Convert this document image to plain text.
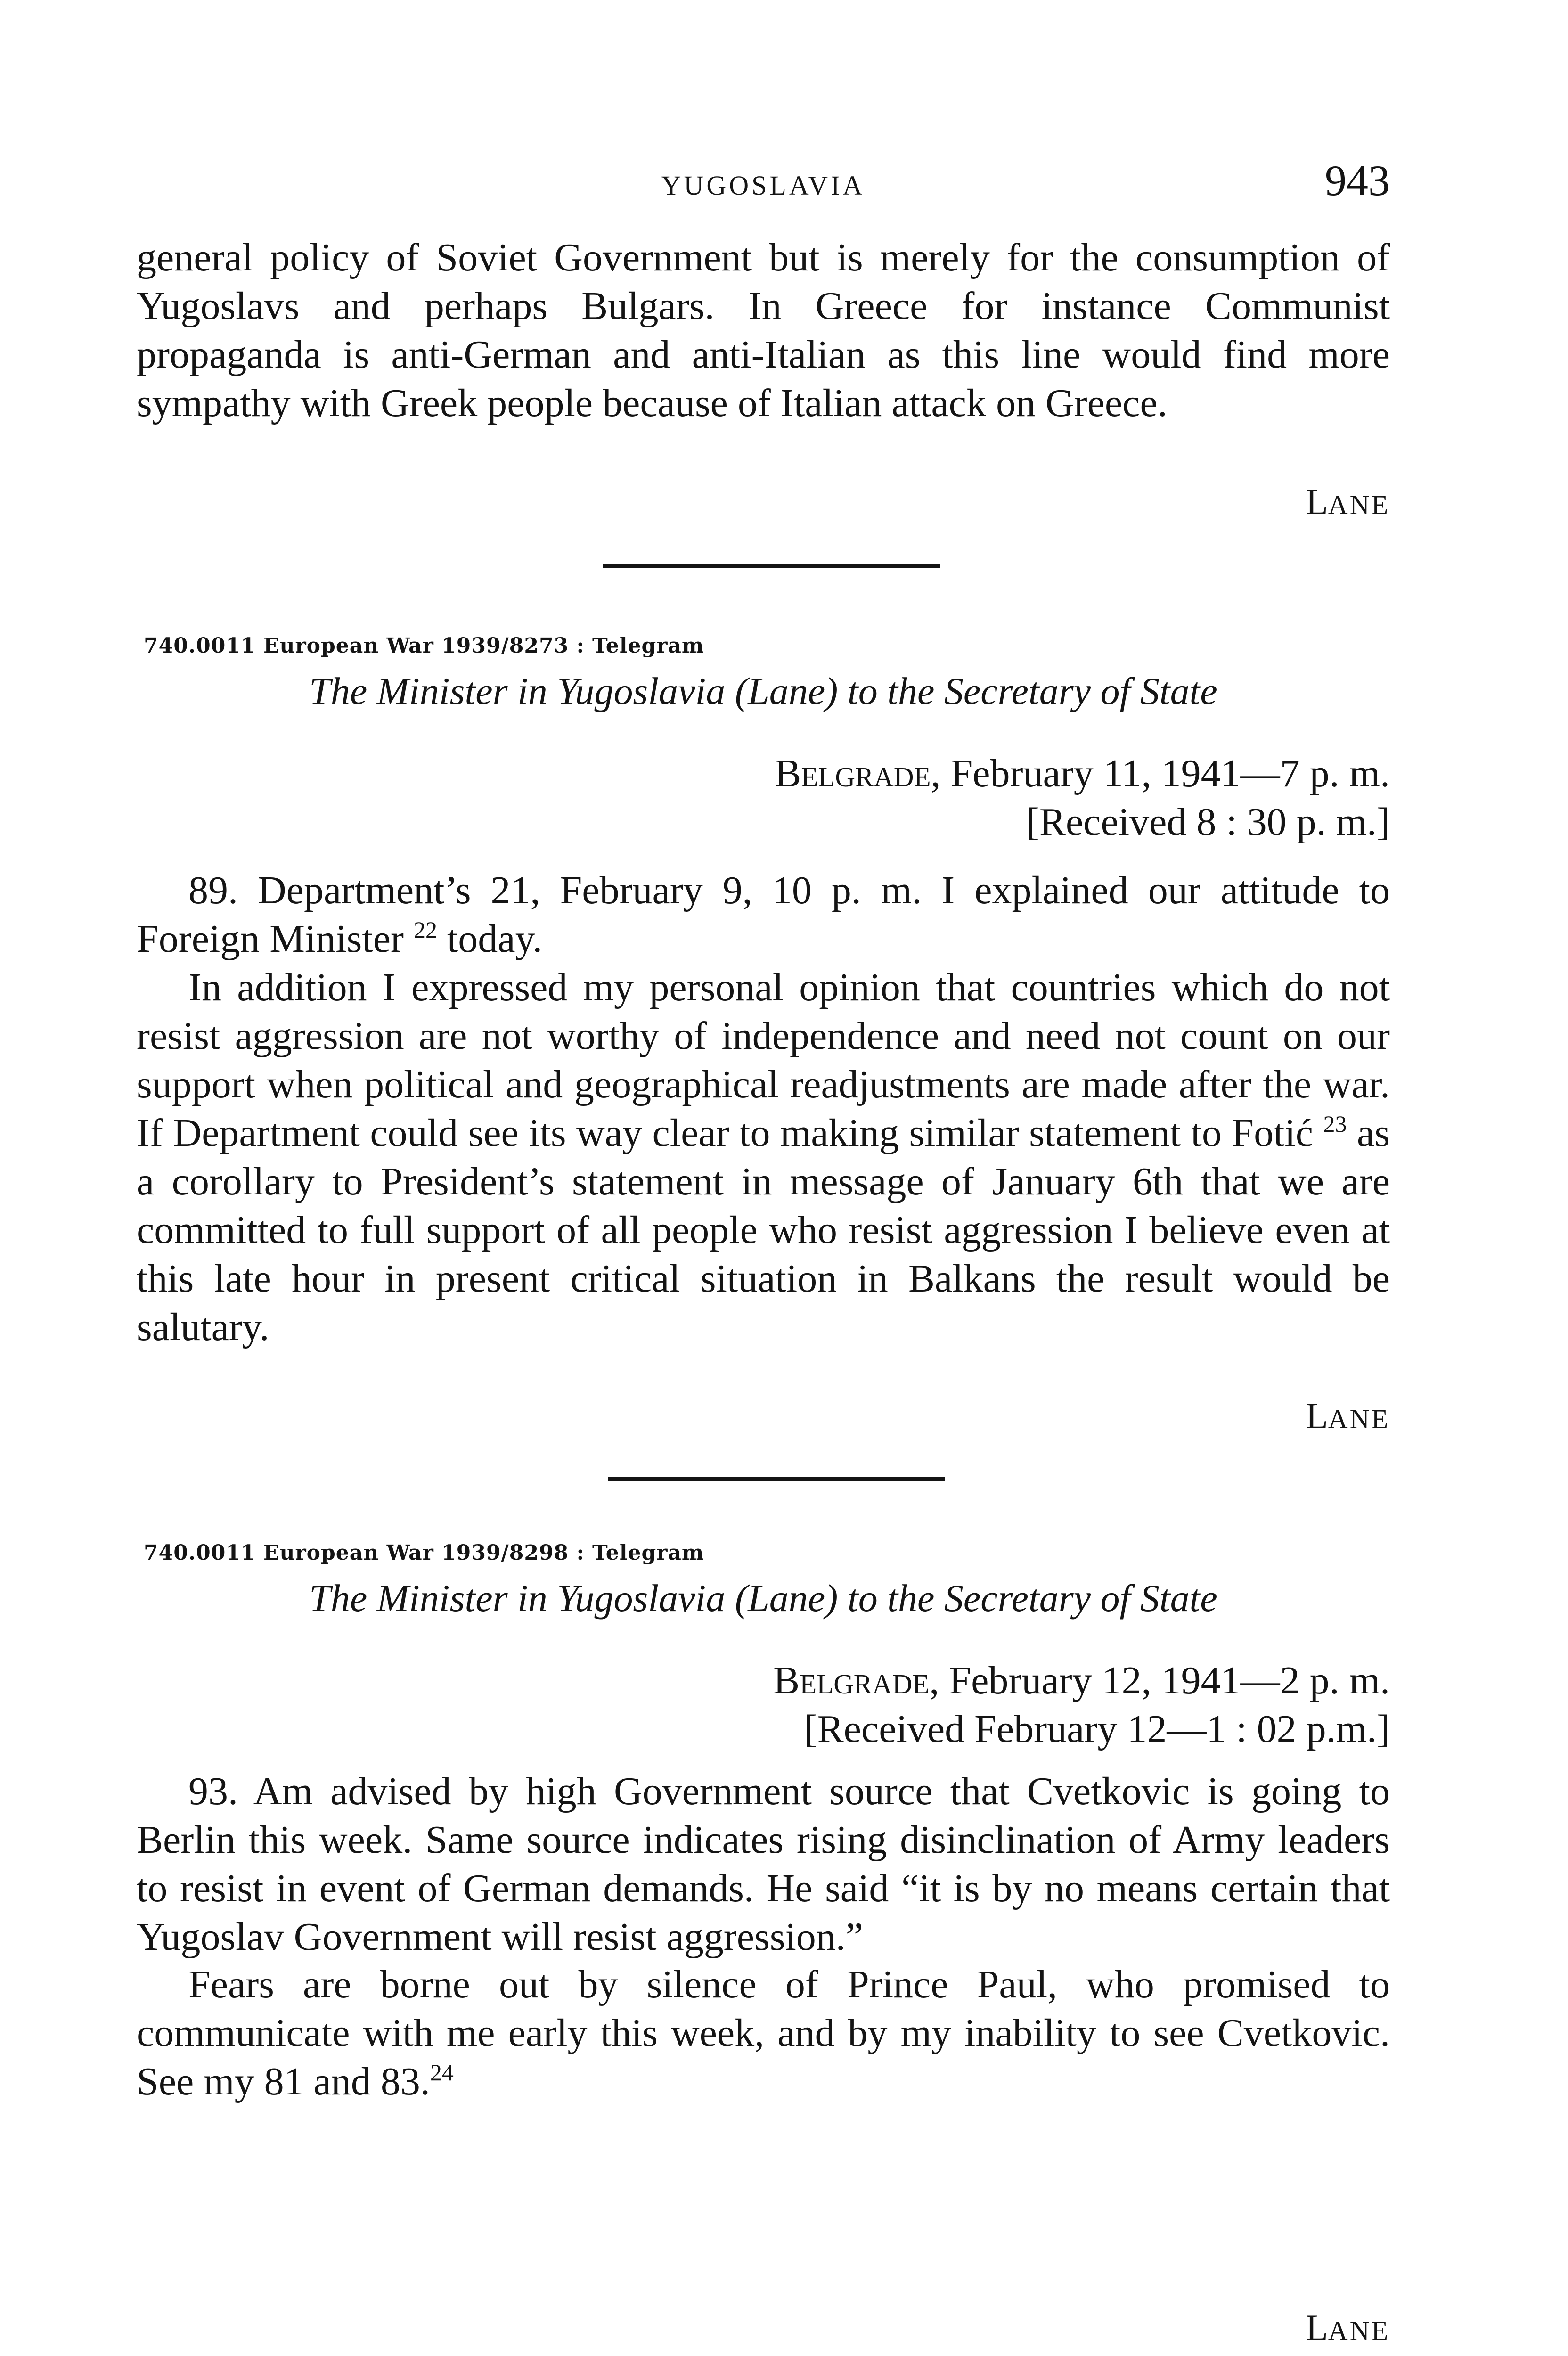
YUGOSLAVIA	943

general policy of Soviet Government but is merely for the consumption of Yugoslavs and perhaps Bulgars. In Greece for instance Communist propaganda is anti-German and anti-Italian as this line would find more sympathy with Greek people because of Italian attack on Greece.

LANE
740.0011 European War 1939/8273 : Telegram
The Minister in Yugoslavia (Lane) to the Secretary of State
Belgrade, February 11, 1941—7 p. m.
[Received 8 : 30 p. m.]

89. Department’s 21, February 9, 10 p. m. I explained our attitude to Foreign Minister $^{22}$ today.

In addition I expressed my personal opinion that countries which do not resist aggression are not worthy of independence and need not count on our support when political and geographical readjustments are made after the war. If Department could see its way clear to making similar statement to Fotić $^{23}$ as a corollary to President’s statement in message of January 6th that we are committed to full support of all people who resist aggression I believe even at this late hour in present critical situation in Balkans the result would be salutary.

LANE
740.0011 European War 1939/8298 : Telegram
The Minister in Yugoslavia (Lane) to the Secretary of State
Belgrade, February 12, 1941—2 p. m.
[Received February 12—1 : 02 p.m.]

93. Am advised by high Government source that Cvetkovic is going to Berlin this week. Same source indicates rising disinclination of Army leaders to resist in event of German demands. He said “it is by no means certain that Yugoslav Government will resist aggression.”

Fears are borne out by silence of Prince Paul, who promised to communicate with me early this week, and by my inability to see Cvetkovic. See my 81 and 83.24

LANE
